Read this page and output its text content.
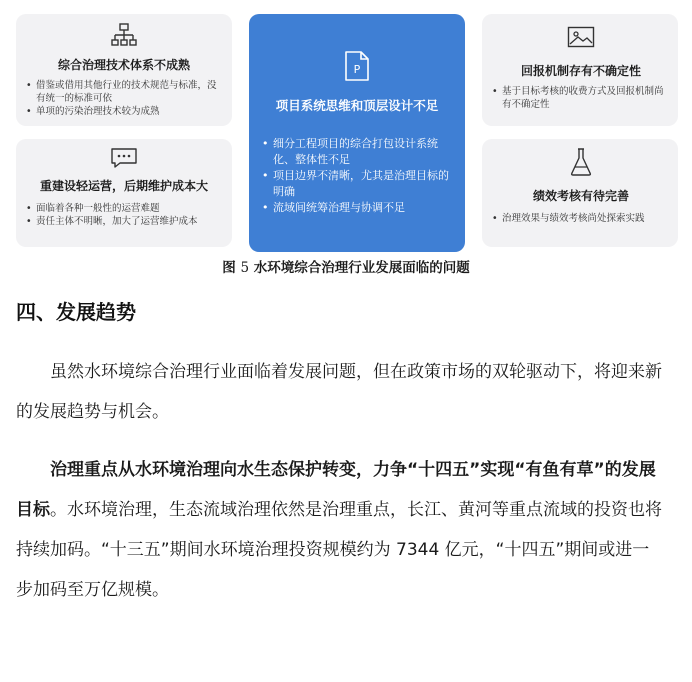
综合治理技术体系不成熟
• 借鉴或借用其他行业的技术规范与标准，没有统一的标准可依
• 单项的污染治理技术较为成熟
重建设轻运营，后期维护成本大
• 面临着各种一般性的运营难题
• 责任主体不明晰，加大了运营维护成本
P
项目系统思维和顶层设计不足
• 细分工程项目的综合打包设计系统化、整体性不足
• 项目边界不清晰，尤其是治理目标的明确
• 流域间统筹治理与协调不足
回报机制存有不确定性
• 基于目标考核的收费方式及回报机制尚有不确定性
绩效考核有待完善
• 治理效果与绩效考核尚处探索实践
图 5 水环境综合治理行业发展面临的问题
四、发展趋势

虽然水环境综合治理行业面临着发展问题，但在政策市场的双轮驱动下，将迎来新的发展趋势与机会。

治理重点从水环境治理向水生态保护转变，力争“十四五”实现“有鱼有草”的发展目标。水环境治理，生态流域治理依然是治理重点，长江、黄河等重点流域的投资也将持续加码。“十三五”期间水环境治理投资规模约为 7344 亿元，“十四五”期间或进一步加码至万亿规模。
